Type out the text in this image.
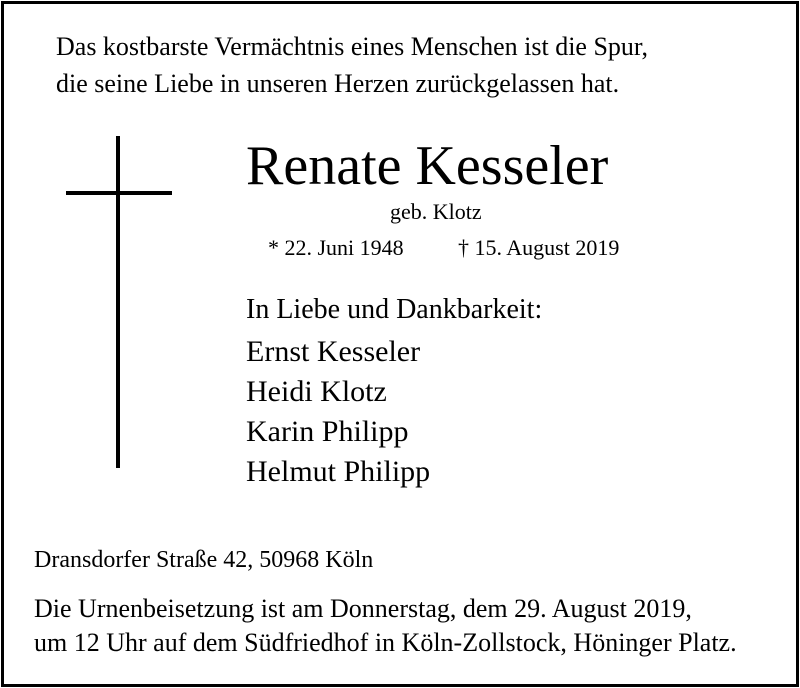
Das kostbarste Vermächtnis eines Menschen ist die Spur,
die seine Liebe in unseren Herzen zurückgelassen hat.
Renate Kesseler
geb. Klotz
* 22. Juni 1948 † 15. August 2019
In Liebe und Dankbarkeit:
Ernst Kesseler
Heidi Klotz
Karin Philipp
Helmut Philipp
Dransdorfer Straße 42, 50968 Köln
Die Urnenbeisetzung ist am Donnerstag, dem 29. August 2019,
um 12 Uhr auf dem Südfriedhof in Köln-Zollstock, Höninger Platz.
